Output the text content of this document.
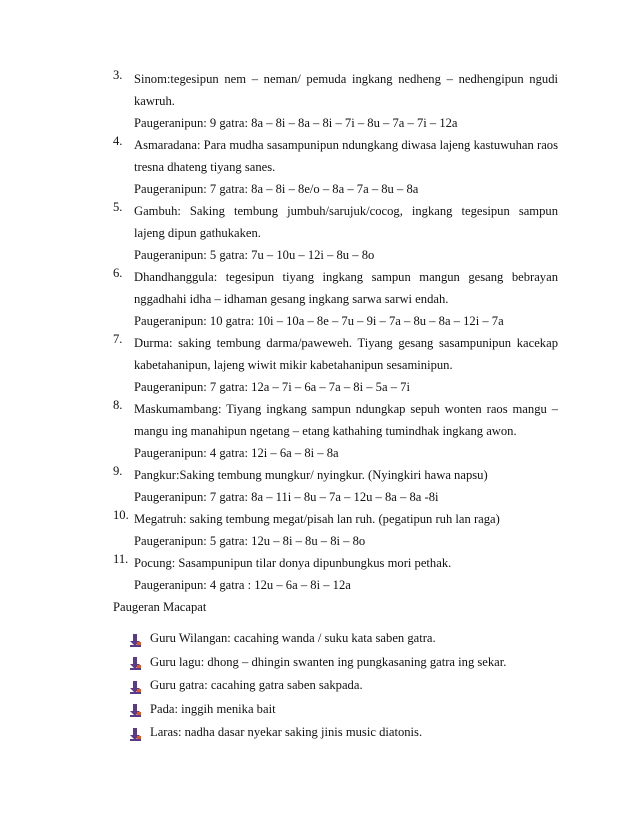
3. Sinom:tegesipun nem – neman/ pemuda ingkang nedheng – nedhengipun ngudi
kawruh.
Paugeranipun: 9 gatra: 8a – 8i – 8a – 8i – 7i – 8u – 7a – 7i – 12a
4. Asmaradana: Para mudha sasampunipun ndungkang diwasa lajeng kastuwuhan raos
tresna dhateng tiyang sanes.
Paugeranipun: 7 gatra: 8a – 8i – 8e/o – 8a – 7a – 8u – 8a
5. Gambuh: Saking tembung jumbuh/sarujuk/cocog, ingkang tegesipun sampun
lajeng dipun gathukaken.
Paugeranipun: 5 gatra: 7u – 10u – 12i – 8u – 8o
6. Dhandhanggula: tegesipun tiyang ingkang sampun mangun gesang bebrayan
nggadhahi idha – idhaman gesang ingkang sarwa sarwi endah.
Paugeranipun: 10 gatra: 10i – 10a – 8e – 7u – 9i – 7a – 8u – 8a – 12i – 7a
7. Durma: saking tembung darma/paweweh. Tiyang gesang sasampunipun kacekap
kabetahanipun, lajeng wiwit mikir kabetahanipun sesaminipun.
Paugeranipun: 7 gatra: 12a – 7i – 6a – 7a – 8i – 5a – 7i
8. Maskumambang: Tiyang ingkang sampun ndungkap sepuh wonten raos mangu –
mangu ing manahipun ngetang – etang kathahing tumindhak ingkang awon.
Paugeranipun: 4 gatra: 12i – 6a – 8i – 8a
9. Pangkur:Saking tembung mungkur/ nyingkur. (Nyingkiri hawa napsu)
Paugeranipun: 7 gatra: 8a – 11i – 8u – 7a – 12u – 8a – 8a -8i
10. Megatruh: saking tembung megat/pisah lan ruh. (pegatipun ruh lan raga)
Paugeranipun: 5 gatra: 12u – 8i – 8u – 8i – 8o
11. Pocung: Sasampunipun tilar donya dipunbungkus mori pethak.
Paugeranipun: 4 gatra : 12u – 6a – 8i – 12a
Paugeran Macapat
Guru Wilangan: cacahing wanda / suku kata saben gatra.
Guru lagu: dhong – dhingin swanten ing pungkasaning gatra ing sekar.
Guru gatra: cacahing gatra saben sakpada.
Pada: inggih menika bait
Laras: nadha dasar nyekar saking jinis music diatonis.
